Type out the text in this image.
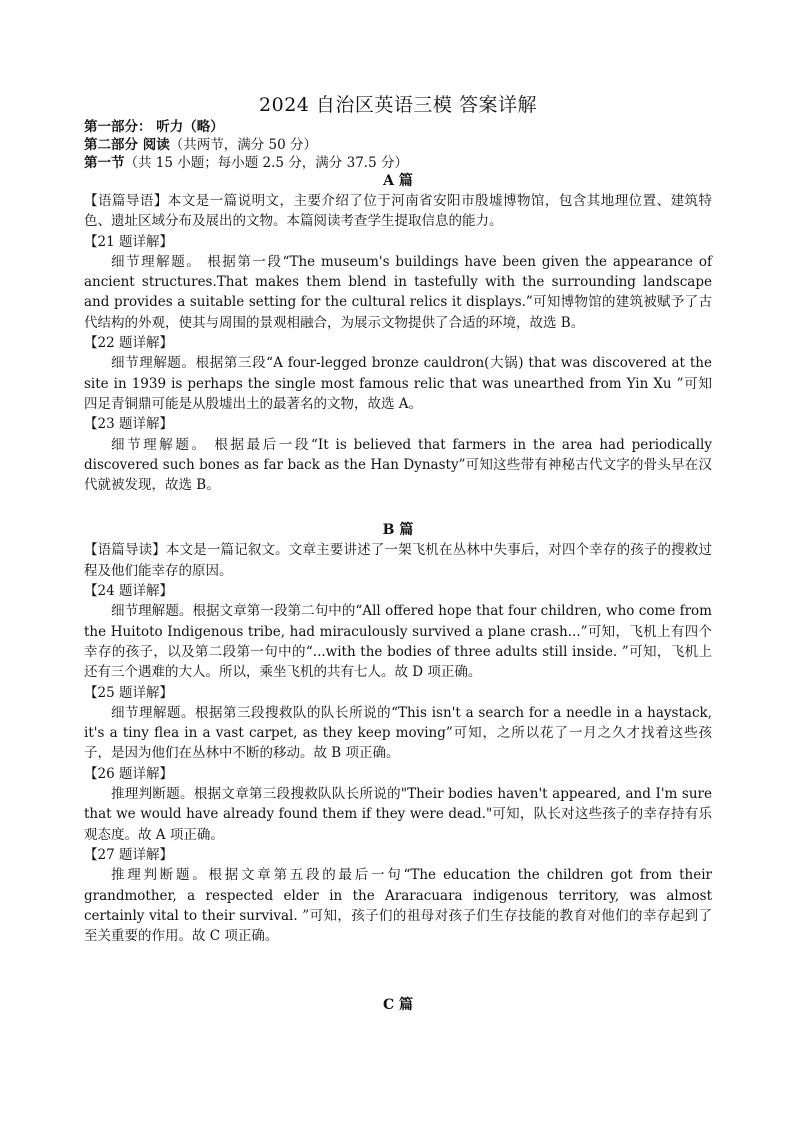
2024 自治区英语三模 答案详解
第一部分： 听力（略）
第二部分 阅读（共两节，满分 50 分）
第一节（共 15 小题；每小题 2.5 分，满分 37.5 分）
A 篇

【语篇导语】本文是一篇说明文，主要介绍了位于河南省安阳市殷墟博物馆，包含其地理位置、建筑特色、遗址区域分布及展出的文物。本篇阅读考查学生提取信息的能力。

【21 题详解】

细节理解题。 根据第一段“The museum's buildings have been given the appearance of ancient structures.That makes them blend in tastefully with the surrounding landscape and provides a suitable setting for the cultural relics it displays.”可知博物馆的建筑被赋予了古代结构的外观，使其与周围的景观相融合，为展示文物提供了合适的环境，故选 B。

【22 题详解】

细节理解题。根据第三段“A four-legged bronze cauldron(大锅) that was discovered at the site in 1939 is perhaps the single most famous relic that was unearthed from Yin Xu ”可知四足青铜鼎可能是从殷墟出土的最著名的文物，故选 A。

【23 题详解】

细节理解题。 根据最后一段“It is believed that farmers in the area had periodically discovered such bones as far back as the Han Dynasty”可知这些带有神秘古代文字的骨头早在汉代就被发现，故选 B。

B 篇

【语篇导读】本文是一篇记叙文。文章主要讲述了一架飞机在丛林中失事后，对四个幸存的孩子的搜救过程及他们能幸存的原因。

【24 题详解】

细节理解题。根据文章第一段第二句中的“All offered hope that four children, who come from the Huitoto Indigenous tribe, had miraculously survived a plane crash...”可知，飞机上有四个幸存的孩子，以及第二段第一句中的“...with the bodies of three adults still inside. ”可知，飞机上还有三个遇难的大人。所以，乘坐飞机的共有七人。故 D 项正确。

【25 题详解】

细节理解题。根据第三段搜救队的队长所说的“This isn't a search for a needle in a haystack, it's a tiny flea in a vast carpet, as they keep moving”可知，之所以花了一月之久才找着这些孩子，是因为他们在丛林中不断的移动。故 B 项正确。

【26 题详解】

推理判断题。根据文章第三段搜救队队长所说的"Their bodies haven't appeared, and I'm sure that we would have already found them if they were dead."可知，队长对这些孩子的幸存持有乐观态度。故 A 项正确。

【27 题详解】

推理判断题。根据文章第五段的最后一句“The education the children got from their grandmother, a respected elder in the Araracuara indigenous territory, was almost certainly vital to their survival. ”可知，孩子们的祖母对孩子们生存技能的教育对他们的幸存起到了至关重要的作用。故 C 项正确。

C 篇
